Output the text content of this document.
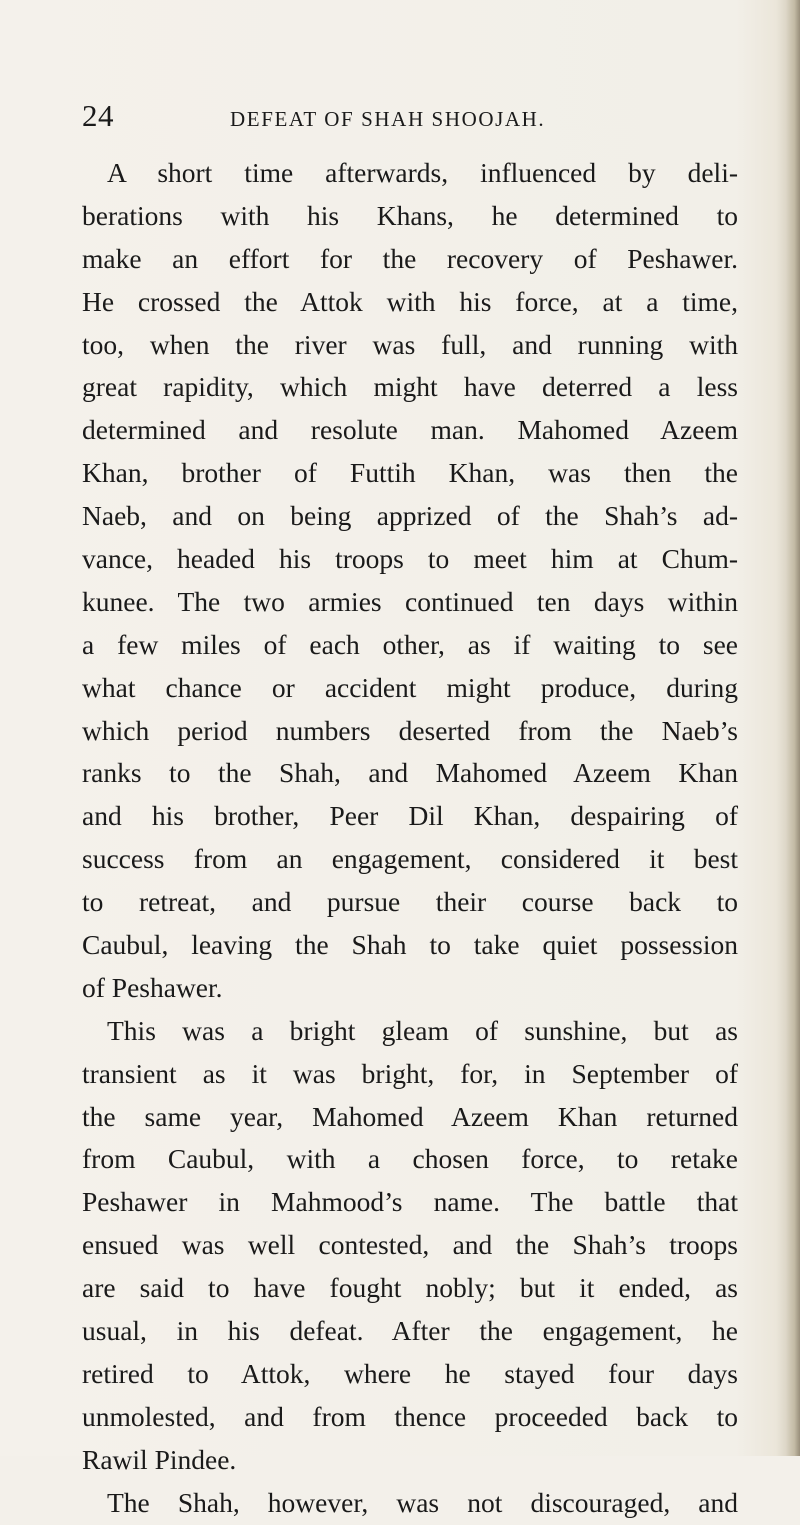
24	DEFEAT OF SHAH SHOOJAH.
A short time afterwards, influenced by deli-
berations with his Khans, he determined to
make an effort for the recovery of Peshawer.
He crossed the Attok with his force, at a time,
too, when the river was full, and running with
great rapidity, which might have deterred a less
determined and resolute man. Mahomed Azeem
Khan, brother of Futtih Khan, was then the
Naeb, and on being apprized of the Shah’s ad-
vance, headed his troops to meet him at Chum-
kunee. The two armies continued ten days within
a few miles of each other, as if waiting to see
what chance or accident might produce, during
which period numbers deserted from the Naeb’s
ranks to the Shah, and Mahomed Azeem Khan
and his brother, Peer Dil Khan, despairing of
success from an engagement, considered it best
to retreat, and pursue their course back to
Caubul, leaving the Shah to take quiet possession
of Peshawer.
This was a bright gleam of sunshine, but as
transient as it was bright, for, in September of
the same year, Mahomed Azeem Khan returned
from Caubul, with a chosen force, to retake
Peshawer in Mahmood’s name. The battle that
ensued was well contested, and the Shah’s troops
are said to have fought nobly; but it ended, as
usual, in his defeat. After the engagement, he
retired to Attok, where he stayed four days
unmolested, and from thence proceeded back to
Rawil Pindee.
The Shah, however, was not discouraged, and
